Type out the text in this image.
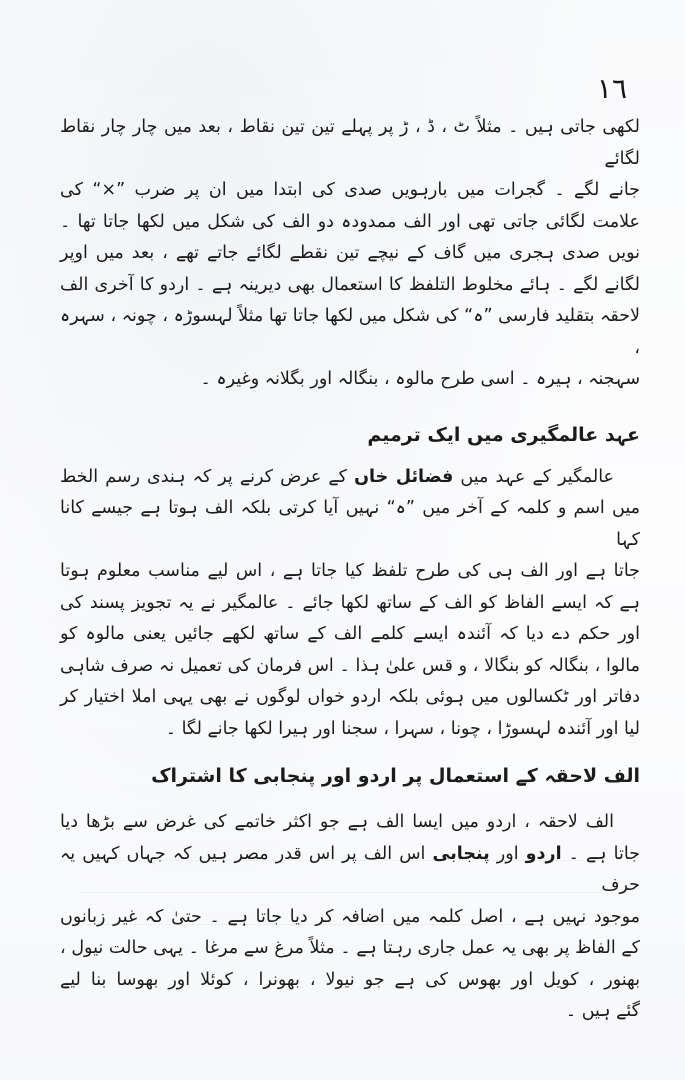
١٦

لکھی جاتی ہیں ۔ مثلاً ٹ ، ڈ ، ڑ پر پہلے تین تین نقاط ، بعد میں چار چار نقاط لگائے
جانے لگے ۔ گجرات میں بارہویں صدی کی ابتدا میں ان پر ضرب ”×“ کی
علامت لگائی جاتی تھی اور الف ممدودہ دو الف کی شکل میں لکھا جاتا تھا ۔
نویں صدی ہجری میں گاف کے نیچے تین نقطے لگائے جاتے تھے ، بعد میں اوپر
لگانے لگے ۔ ہائے مخلوط التلفظ کا استعمال بھی دیرینہ ہے ۔ اردو کا آخری الف
لاحقہ بتقلید فارسی ”ہ“ کی شکل میں لکھا جاتا تھا مثلاً لہسوڑہ ، چونہ ، سہرہ ،
سہجنہ ، ہیرہ ۔ اسی طرح مالوہ ، بنگالہ اور بگلانہ وغیرہ ۔

عہد عالمگیری میں ایک ترمیم

عالمگیر کے عہد میں فضائل خاں کے عرض کرنے پر کہ ہندی رسم الخط
میں اسم و کلمہ کے آخر میں ”ہ“ نہیں آیا کرتی بلکہ الف ہوتا ہے جیسے کانا کہا
جاتا ہے اور الف ہی کی طرح تلفظ کیا جاتا ہے ، اس لیے مناسب معلوم ہوتا
ہے کہ ایسے الفاظ کو الف کے ساتھ لکھا جائے ۔ عالمگیر نے یہ تجویز پسند کی
اور حکم دے دیا کہ آئندہ ایسے کلمے الف کے ساتھ لکھے جائیں یعنی مالوہ کو
مالوا ، بنگالہ کو بنگالا ، و قس علیٰ ہذا ۔ اس فرمان کی تعمیل نہ صرف شاہی
دفاتر اور ٹکسالوں میں ہوئی بلکہ اردو خواں لوگوں نے بھی یہی املا اختیار کر
لیا اور آئندہ لہسوڑا ، چونا ، سہرا ، سجنا اور ہیرا لکھا جانے لگا ۔

الف لاحقہ کے استعمال پر اردو اور پنجابی کا اشتراک

الف لاحقہ ، اردو میں ایسا الف ہے جو اکثر خاتمے کی غرض سے بڑھا دیا
جاتا ہے ۔ اردو اور پنجابی اس الف پر اس قدر مصر ہیں کہ جہاں کہیں یہ حرف
موجود نہیں ہے ، اصل کلمہ میں اضافہ کر دیا جاتا ہے ۔ حتیٰ کہ غیر زبانوں
کے الفاظ پر بھی یہ عمل جاری رہتا ہے ۔ مثلاً مرغ سے مرغا ۔ یہی حالت نیول ،
بھنور ، کویل اور بھوس کی ہے جو نیولا ، بھونرا ، کوئلا اور بھوسا بنا لیے
گئے ہیں ۔
